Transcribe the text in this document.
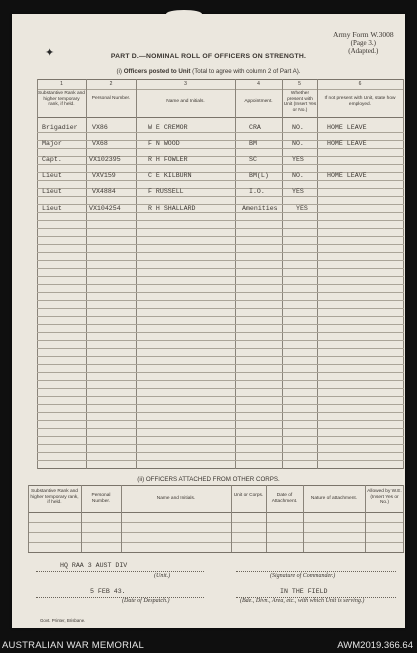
✦
Army Form W.3008
(Page 3.)
(Adapted.)
PART D.—NOMINAL ROLL OF OFFICERS ON STRENGTH.
(i) Officers posted to Unit (Total to agree with column 2 of Part A).
1	2	3	4	5	6
Substantive Rank and higher temporary rank, if held.
Personal Number.
Name and Initials.	Appointment.
Whether present with Unit (Insert Yes or No.)
If not present with Unit, state how employed.
Brigadier VX86	W E CREMOR	CRA	NO.	HOME LEAVE
Major	VX68	F N WOOD	BM	NO.	HOME LEAVE
Capt.	VX102395	R H FOWLER	SC	YES
Lieut	VXV159	C E KILBURN	BM(L)	NO.	HOME LEAVE
Lieut	VX4884	F RUSSELL	I.O.	YES
Lieut	VX104254	R H SHALLARD	Amenities	YES
(ii) OFFICERS ATTACHED FROM OTHER CORPS.
Substantive Rank and higher temporary rank, if held.
Personal Number.
Name and Initials.
Unit or Corps.	Date of Attachment.
Nature of attachment.
Allowed by W.E. (Insert Yes or No.)
HQ RAA 3 AUST DIV
(Unit.)	(Signature of Commander.)
5 FEB 43.
(Date of Despatch.)
IN THE FIELD
(Bde., Divn., Area, etc., with which Unit is serving.)
Govt. Printer, Brisbane.
AUSTRALIAN WAR MEMORIAL	AWM2019.366.64
